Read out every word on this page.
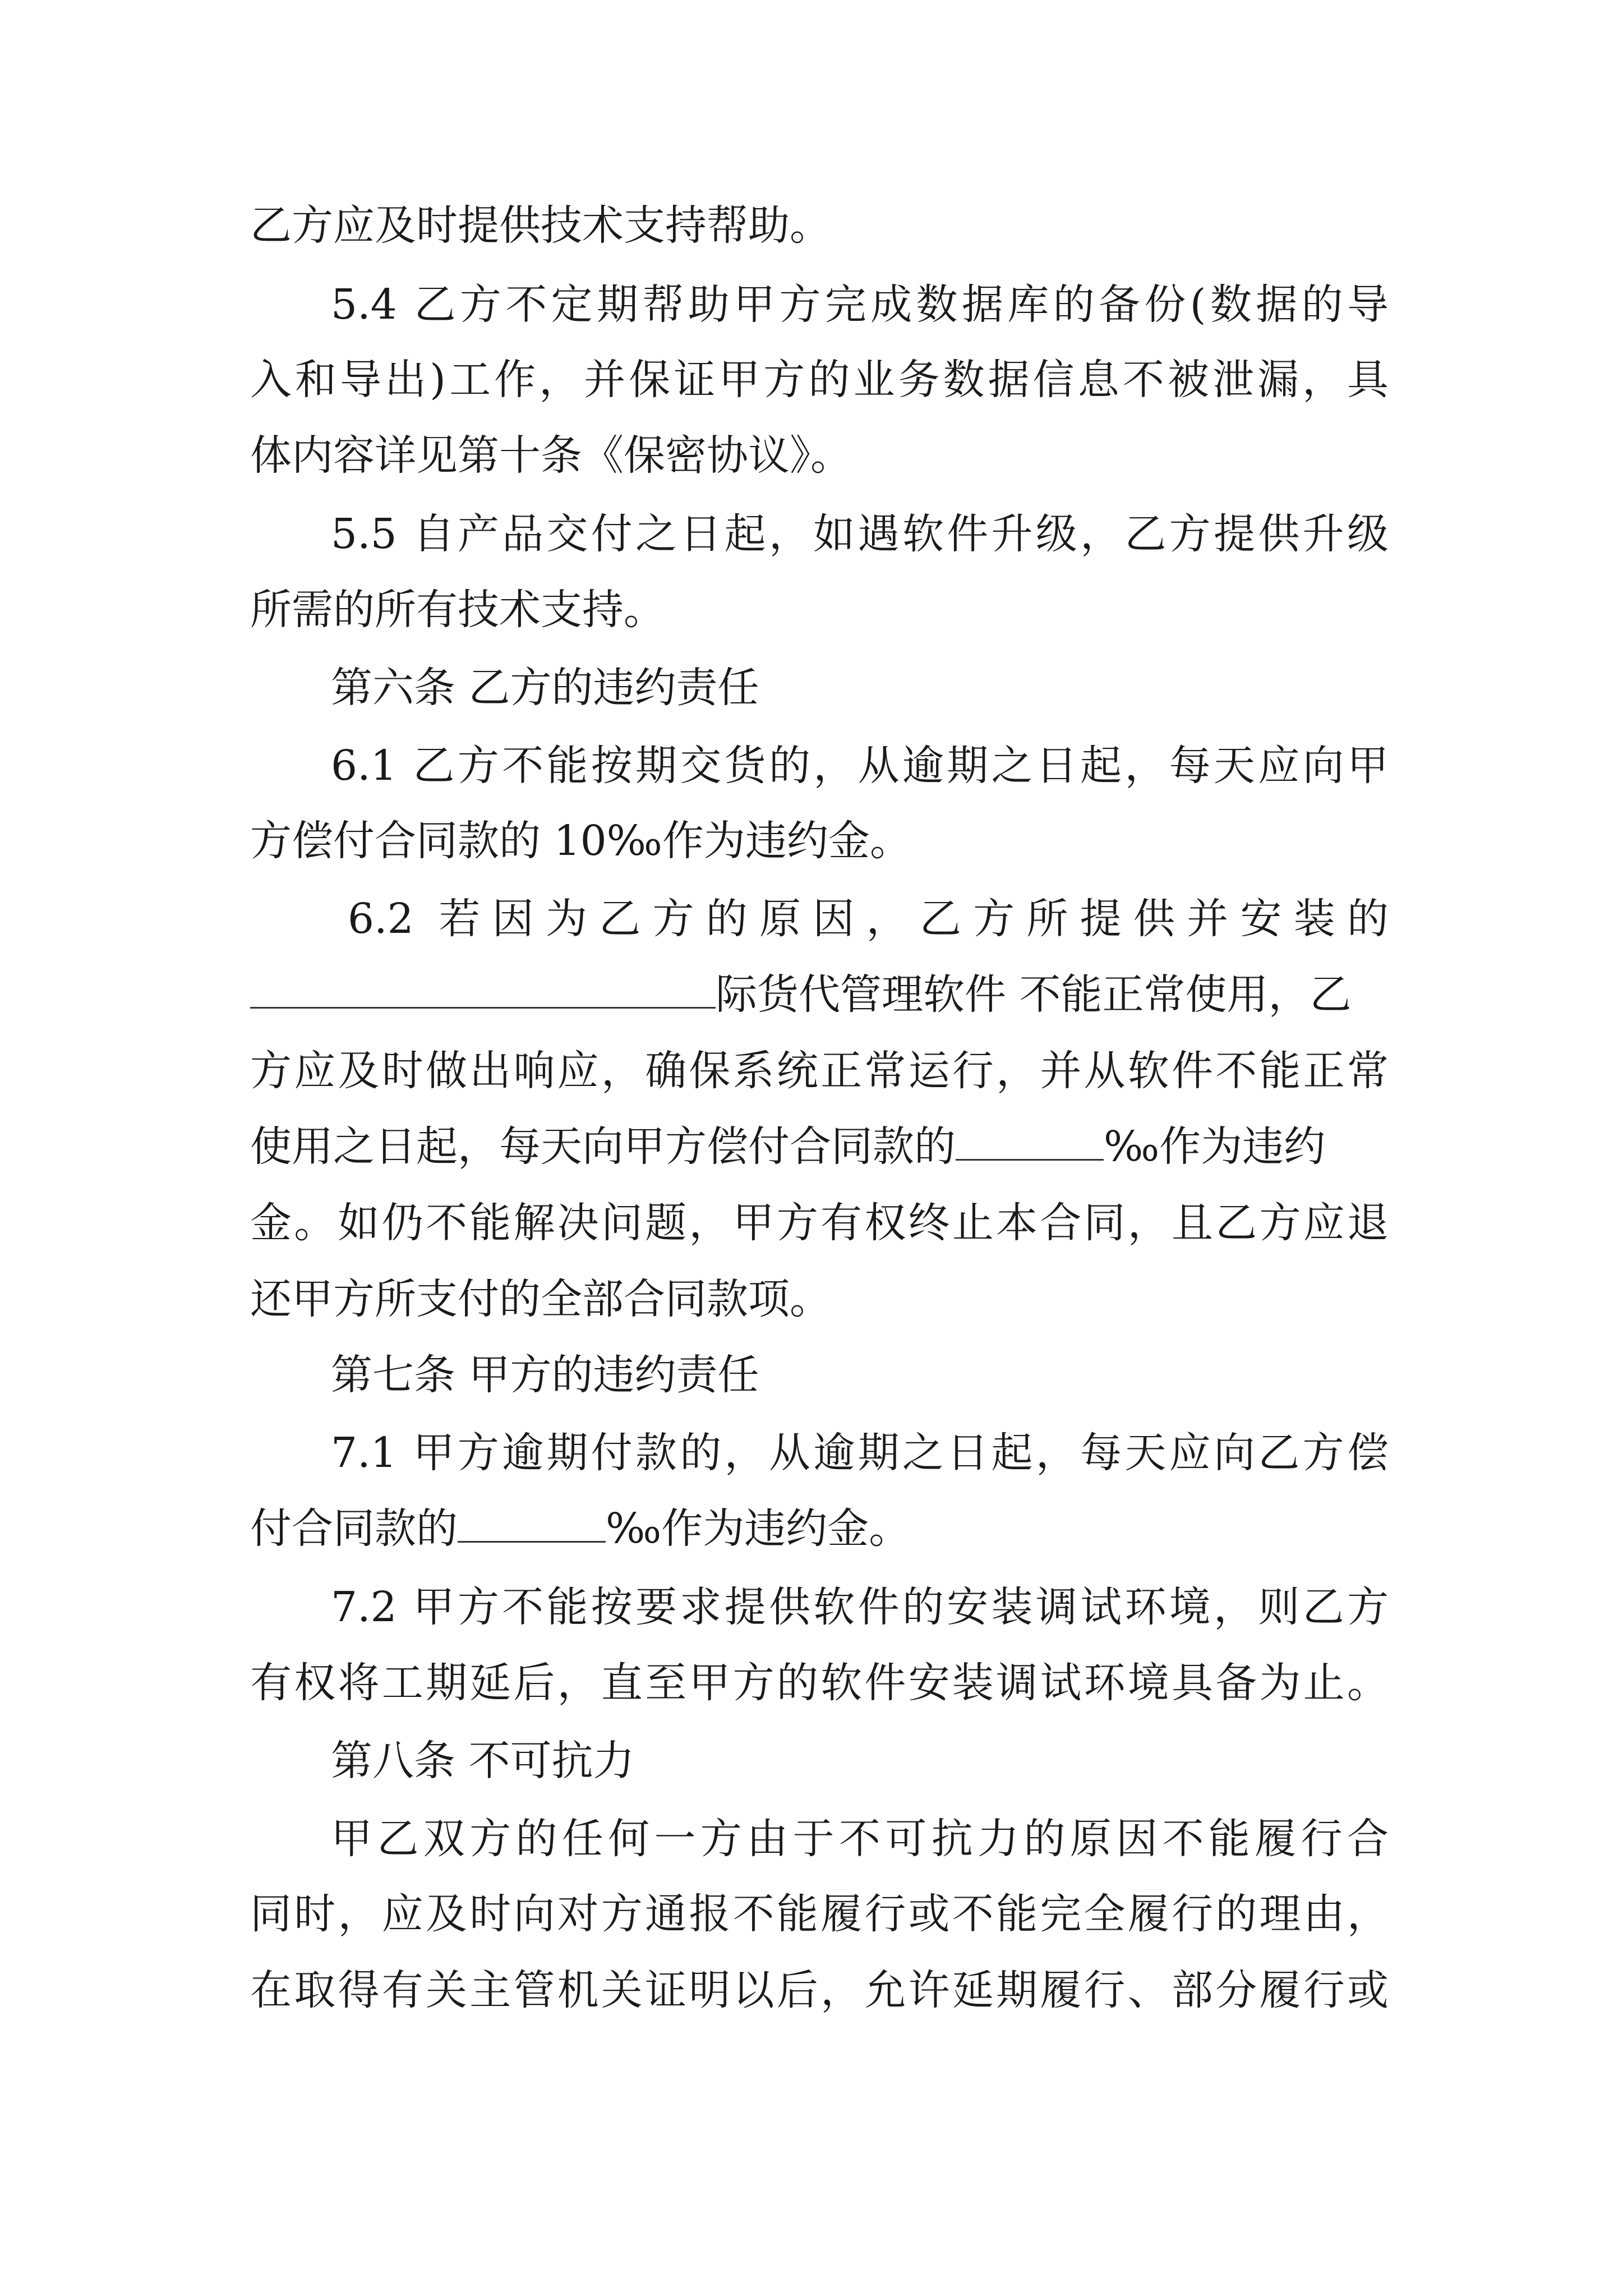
乙方应及时提供技术支持帮助。
5.4 乙方不定期帮助甲方完成数据库的备份(数据的导
入和导出)工作，并保证甲方的业务数据信息不被泄漏，具
体内容详见第十条《保密协议》。
5.5 自产品交付之日起，如遇软件升级，乙方提供升级
所需的所有技术支持。
第六条 乙方的违约责任
6.1 乙方不能按期交货的，从逾期之日起，每天应向甲
方偿付合同款的 10‰作为违约金。
6.2 若因为乙方的原因，乙方所提供并安装的
际货代管理软件 不能正常使用，乙
方应及时做出响应，确保系统正常运行，并从软件不能正常
使用之日起，每天向甲方偿付合同款的	‰作为违约
金。如仍不能解决问题，甲方有权终止本合同，且乙方应退
还甲方所支付的全部合同款项。
第七条 甲方的违约责任
7.1 甲方逾期付款的，从逾期之日起，每天应向乙方偿
付合同款的	‰作为违约金。
7.2 甲方不能按要求提供软件的安装调试环境，则乙方
有权将工期延后，直至甲方的软件安装调试环境具备为止。
第八条 不可抗力
甲乙双方的任何一方由于不可抗力的原因不能履行合
同时，应及时向对方通报不能履行或不能完全履行的理由，
在取得有关主管机关证明以后，允许延期履行、部分履行或
